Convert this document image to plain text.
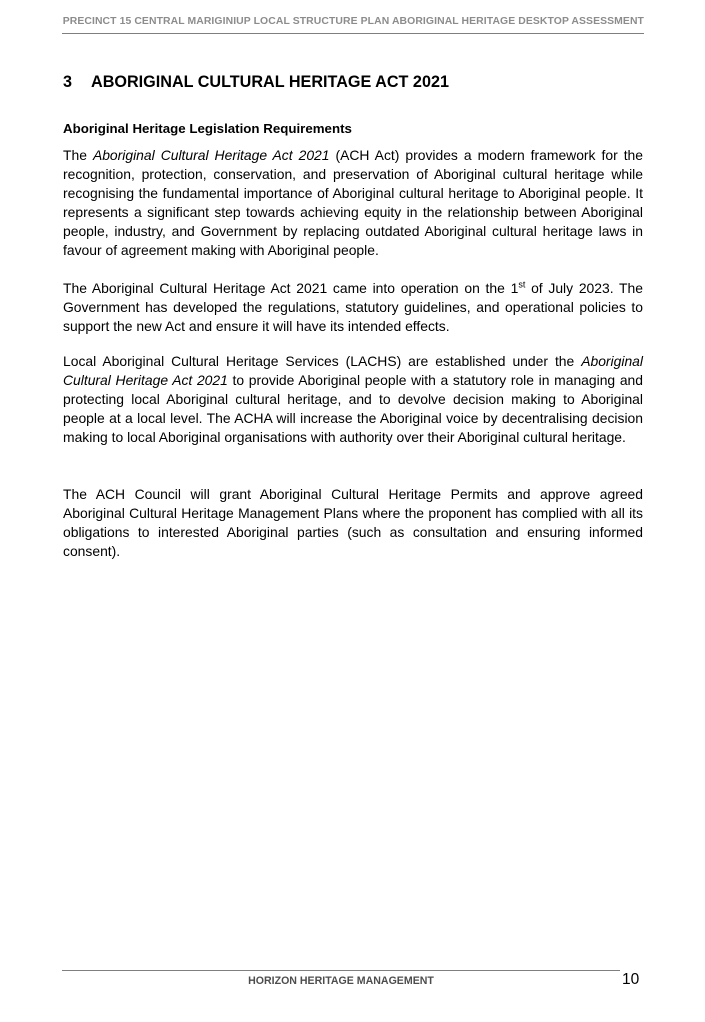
PRECINCT 15 CENTRAL MARIGINIUP LOCAL STRUCTURE PLAN ABORIGINAL HERITAGE DESKTOP ASSESSMENT
3 ABORIGINAL CULTURAL HERITAGE ACT 2021
Aboriginal Heritage Legislation Requirements

The Aboriginal Cultural Heritage Act 2021 (ACH Act) provides a modern framework for the recognition, protection, conservation, and preservation of Aboriginal cultural heritage while recognising the fundamental importance of Aboriginal cultural heritage to Aboriginal people. It represents a significant step towards achieving equity in the relationship between Aboriginal people, industry, and Government by replacing outdated Aboriginal cultural heritage laws in favour of agreement making with Aboriginal people.

The Aboriginal Cultural Heritage Act 2021 came into operation on the 1st of July 2023. The Government has developed the regulations, statutory guidelines, and operational policies to support the new Act and ensure it will have its intended effects.

Local Aboriginal Cultural Heritage Services (LACHS) are established under the Aboriginal Cultural Heritage Act 2021 to provide Aboriginal people with a statutory role in managing and protecting local Aboriginal cultural heritage, and to devolve decision making to Aboriginal people at a local level. The ACHA will increase the Aboriginal voice by decentralising decision making to local Aboriginal organisations with authority over their Aboriginal cultural heritage.

The ACH Council will grant Aboriginal Cultural Heritage Permits and approve agreed Aboriginal Cultural Heritage Management Plans where the proponent has complied with all its obligations to interested Aboriginal parties (such as consultation and ensuring informed consent).

HORIZON HERITAGE MANAGEMENT	10
